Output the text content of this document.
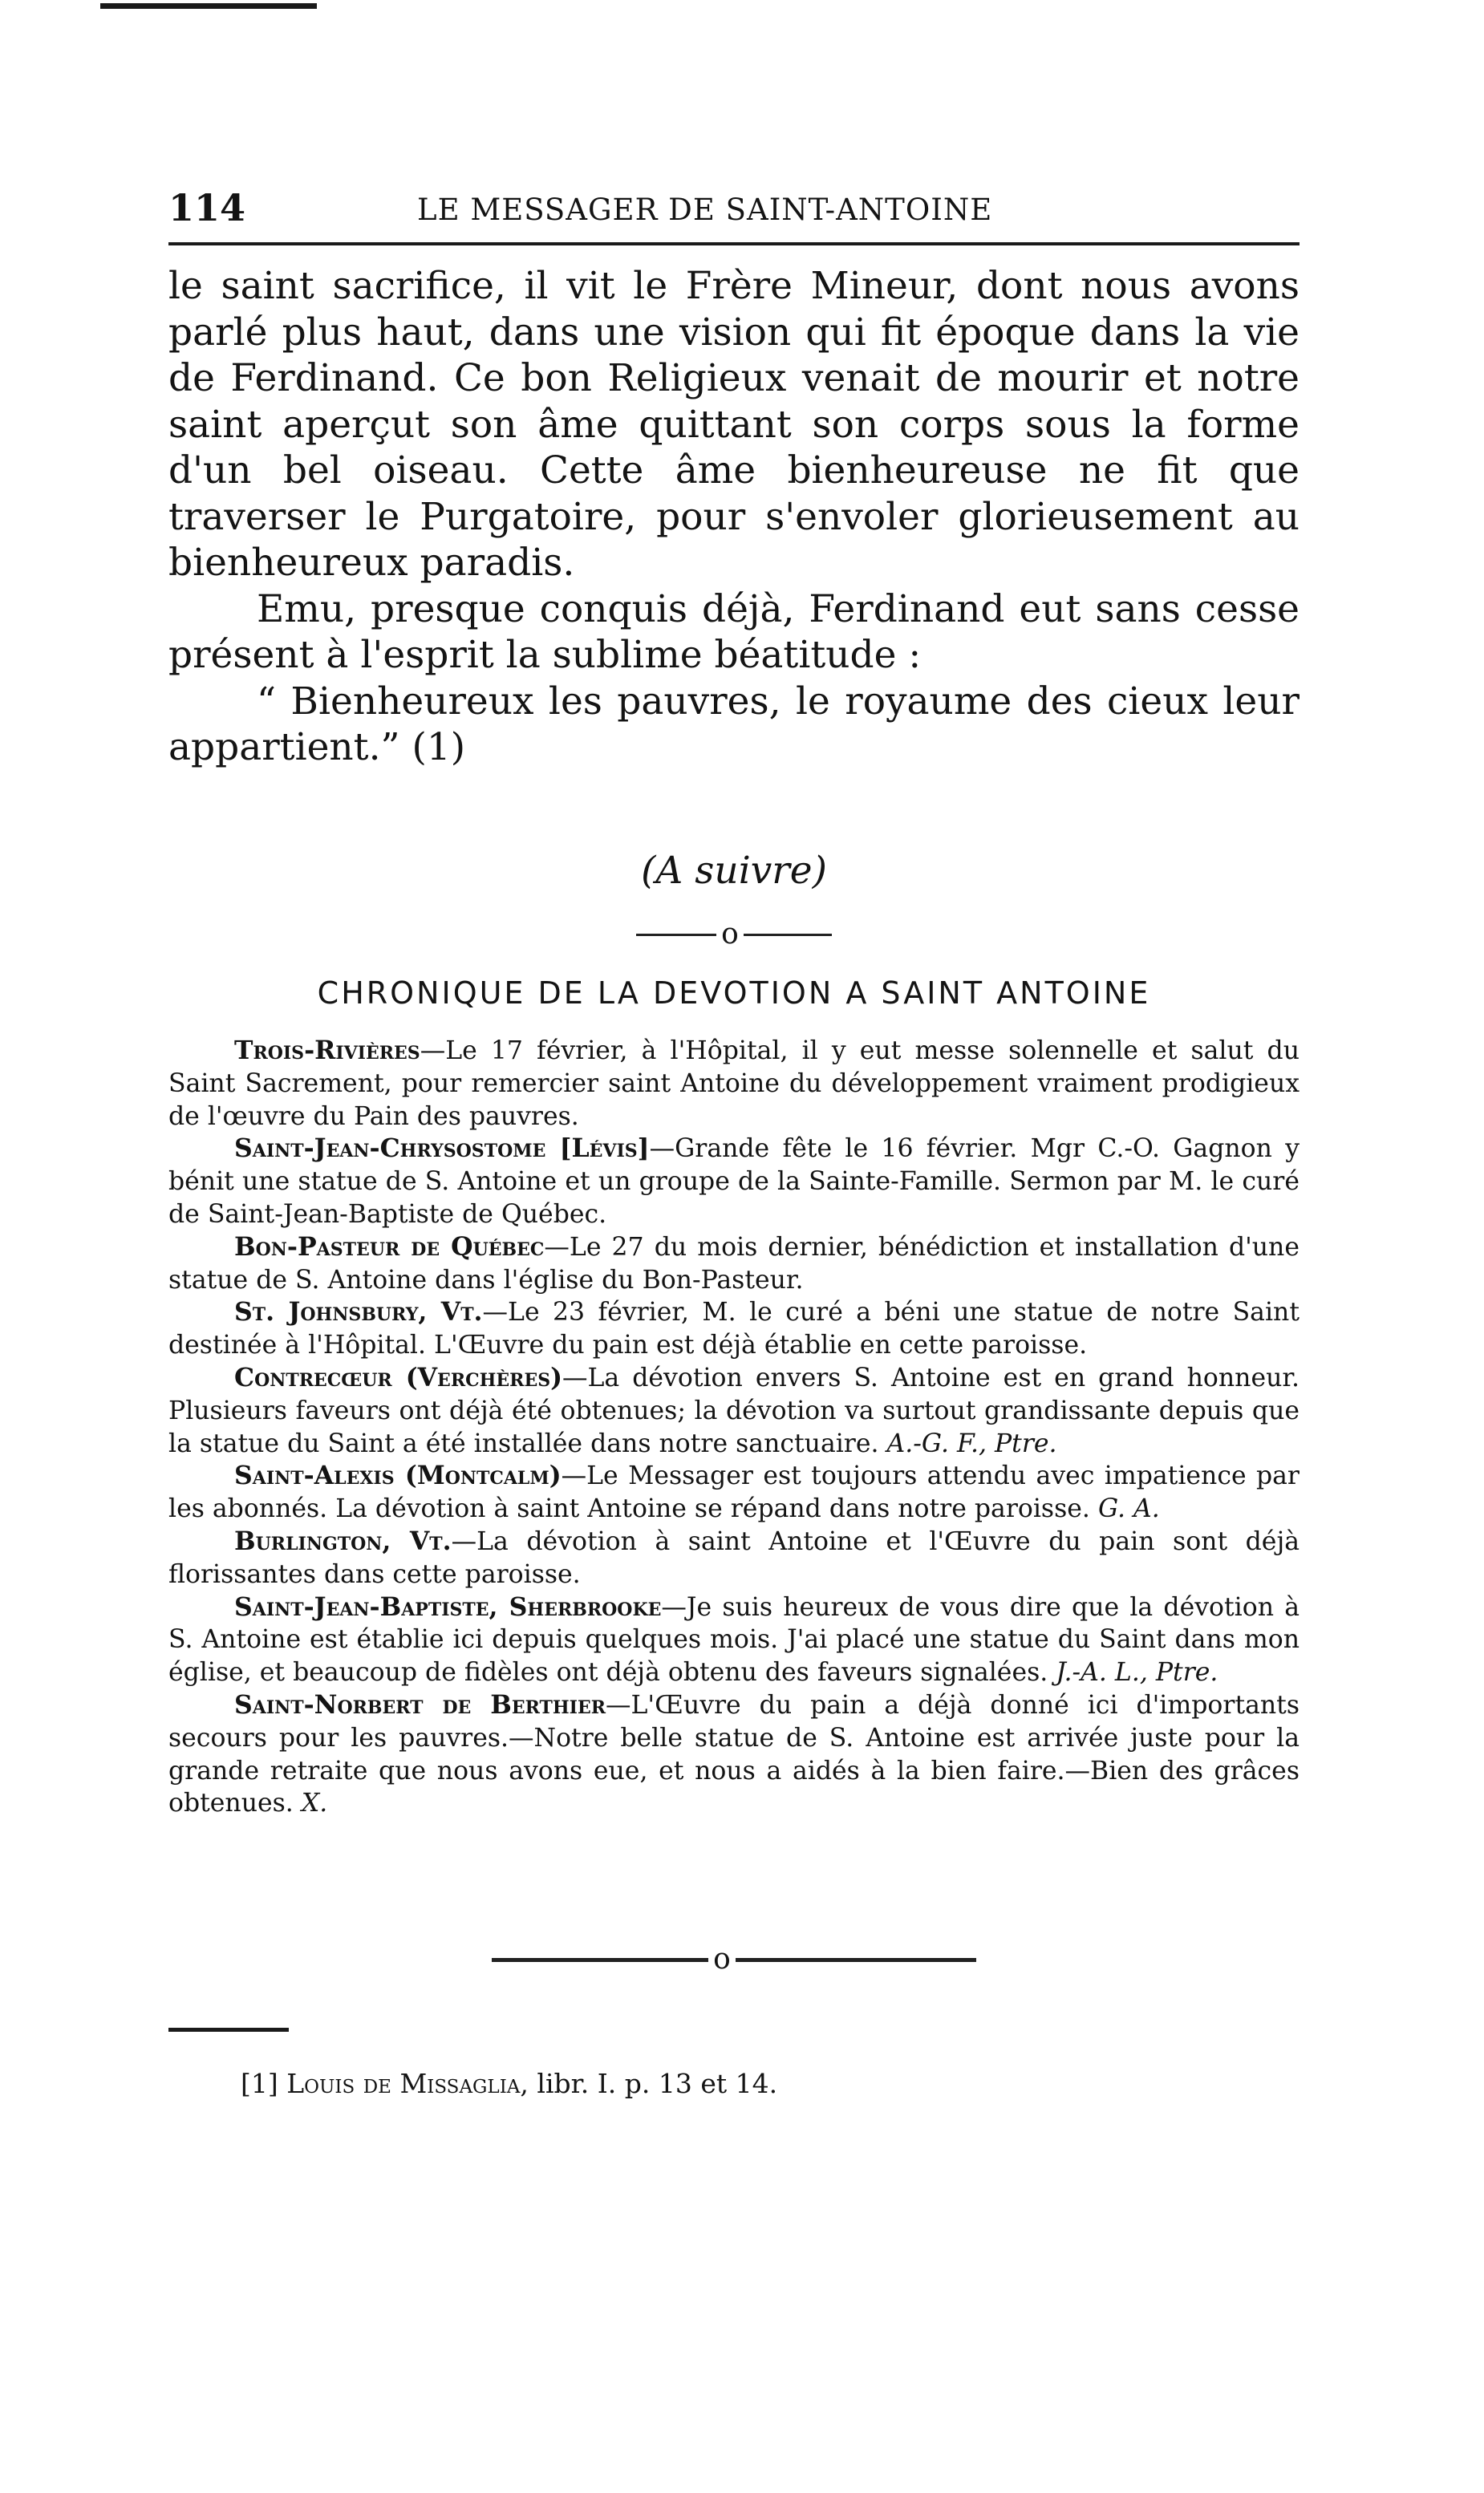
114	LE MESSAGER DE SAINT-ANTOINE

le saint sacrifice, il vit le Frère Mineur, dont nous avons parlé plus haut, dans une vision qui fit époque dans la vie de Ferdinand. Ce bon Religieux venait de mourir et notre saint aperçut son âme quittant son corps sous la forme d'un bel oiseau. Cette âme bienheureuse ne fit que traverser le Purgatoire, pour s'envoler glorieusement au bienheureux paradis.

Emu, presque conquis déjà, Ferdinand eut sans cesse présent à l'esprit la sublime béatitude :

“ Bienheureux les pauvres, le royaume des cieux leur appartient.” (1)

(A suivre)
o
CHRONIQUE DE LA DEVOTION A SAINT ANTOINE

Trois-Rivières—Le 17 février, à l'Hôpital, il y eut messe solennelle et salut du Saint Sacrement, pour remercier saint Antoine du développement vraiment prodigieux de l'œuvre du Pain des pauvres.

Saint-Jean-Chrysostome [Lévis]—Grande fête le 16 février. Mgr C.-O. Gagnon y bénit une statue de S. Antoine et un groupe de la Sainte-Famille. Sermon par M. le curé de Saint-Jean-Baptiste de Québec.

Bon-Pasteur de Québec—Le 27 du mois dernier, bénédiction et installation d'une statue de S. Antoine dans l'église du Bon-Pasteur.

St. Johnsbury, Vt.—Le 23 février, M. le curé a béni une statue de notre Saint destinée à l'Hôpital. L'Œuvre du pain est déjà établie en cette paroisse.

Contrecœur (Verchères)—La dévotion envers S. Antoine est en grand honneur. Plusieurs faveurs ont déjà été obtenues; la dévotion va surtout grandissante depuis que la statue du Saint a été installée dans notre sanctuaire. A.-G. F., Ptre.

Saint-Alexis (Montcalm)—Le Messager est toujours attendu avec impatience par les abonnés. La dévotion à saint Antoine se répand dans notre paroisse. G. A.

Burlington, Vt.—La dévotion à saint Antoine et l'Œuvre du pain sont déjà florissantes dans cette paroisse.

Saint-Jean-Baptiste, Sherbrooke—Je suis heureux de vous dire que la dévotion à S. Antoine est établie ici depuis quelques mois. J'ai placé une statue du Saint dans mon église, et beaucoup de fidèles ont déjà obtenu des faveurs signalées. J.-A. L., Ptre.

Saint-Norbert de Berthier—L'Œuvre du pain a déjà donné ici d'importants secours pour les pauvres.—Notre belle statue de S. Antoine est arrivée juste pour la grande retraite que nous avons eue, et nous a aidés à la bien faire.—Bien des grâces obtenues. X.

o
[1] Louis de Missaglia, libr. I. p. 13 et 14.
